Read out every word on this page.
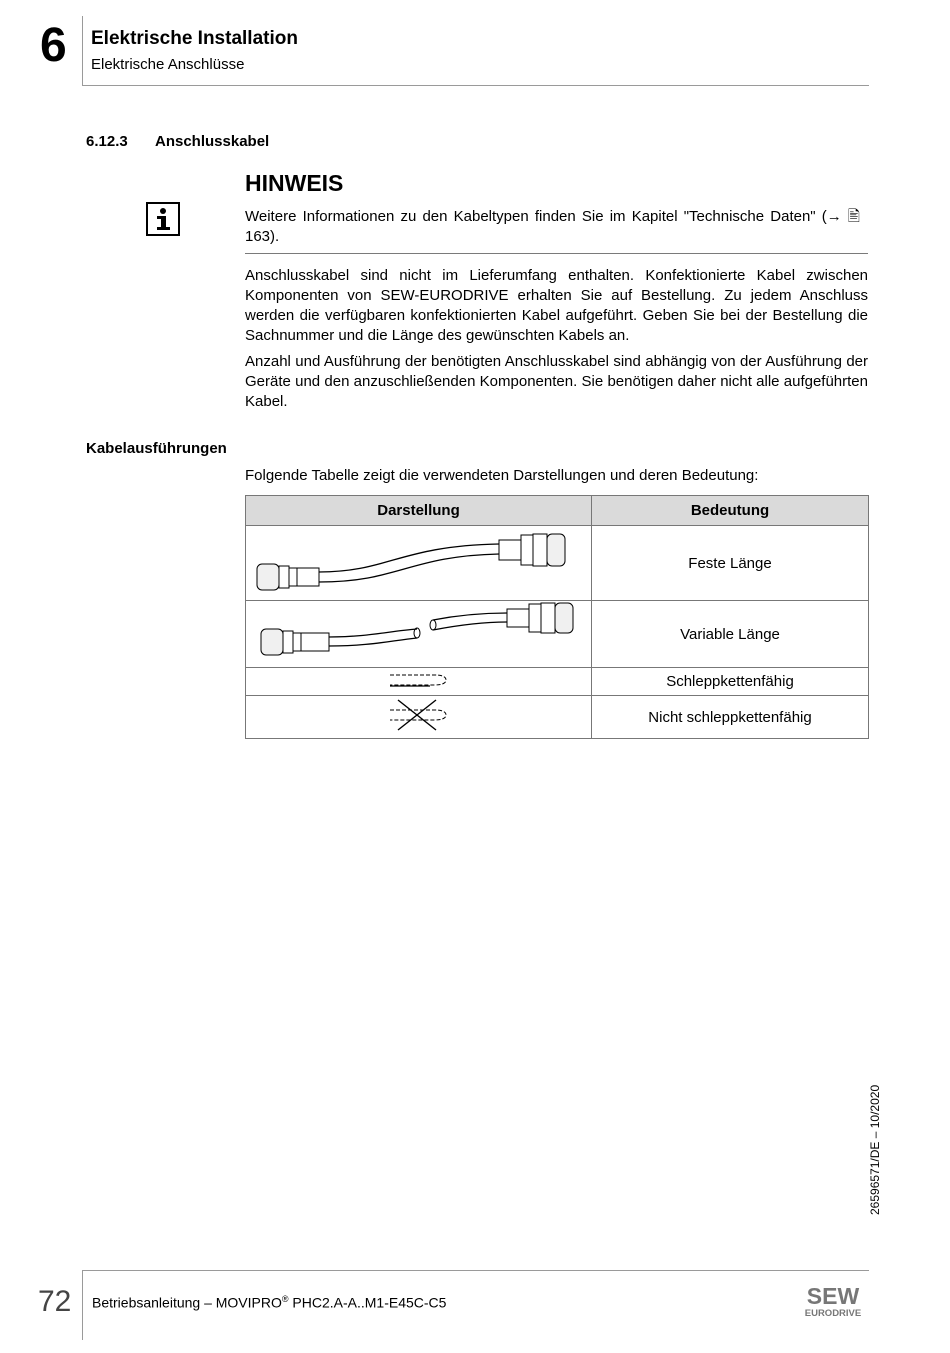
6 Elektrische Installation
Elektrische Anschlüsse
6.12.3 Anschlusskabel
HINWEIS

Weitere Informationen zu den Kabeltypen finden Sie im Kapitel "Technische Daten" (→ 🖹 163).

Anschlusskabel sind nicht im Lieferumfang enthalten. Konfektionierte Kabel zwischen Komponenten von SEW-EURODRIVE erhalten Sie auf Bestellung. Zu jedem Anschluss werden die verfügbaren konfektionierten Kabel aufgeführt. Geben Sie bei der Bestellung die Sachnummer und die Länge des gewünschten Kabels an.

Anzahl und Ausführung der benötigten Anschlusskabel sind abhängig von der Ausführung der Geräte und den anzuschließenden Komponenten. Sie benötigen daher nicht alle aufgeführten Kabel.

Kabelausführungen
Folgende Tabelle zeigt die verwendeten Darstellungen und deren Bedeutung:
Darstellung	Bedeutung
	Feste Länge
	Variable Länge
	Schleppkettenfähig
	Nicht schleppkettenfähig
26596571/DE – 10/2020
72 Betriebsanleitung – MOVIPRO® PHC2.A-A..M1-E45C-C5	SEW
EURODRIVE
